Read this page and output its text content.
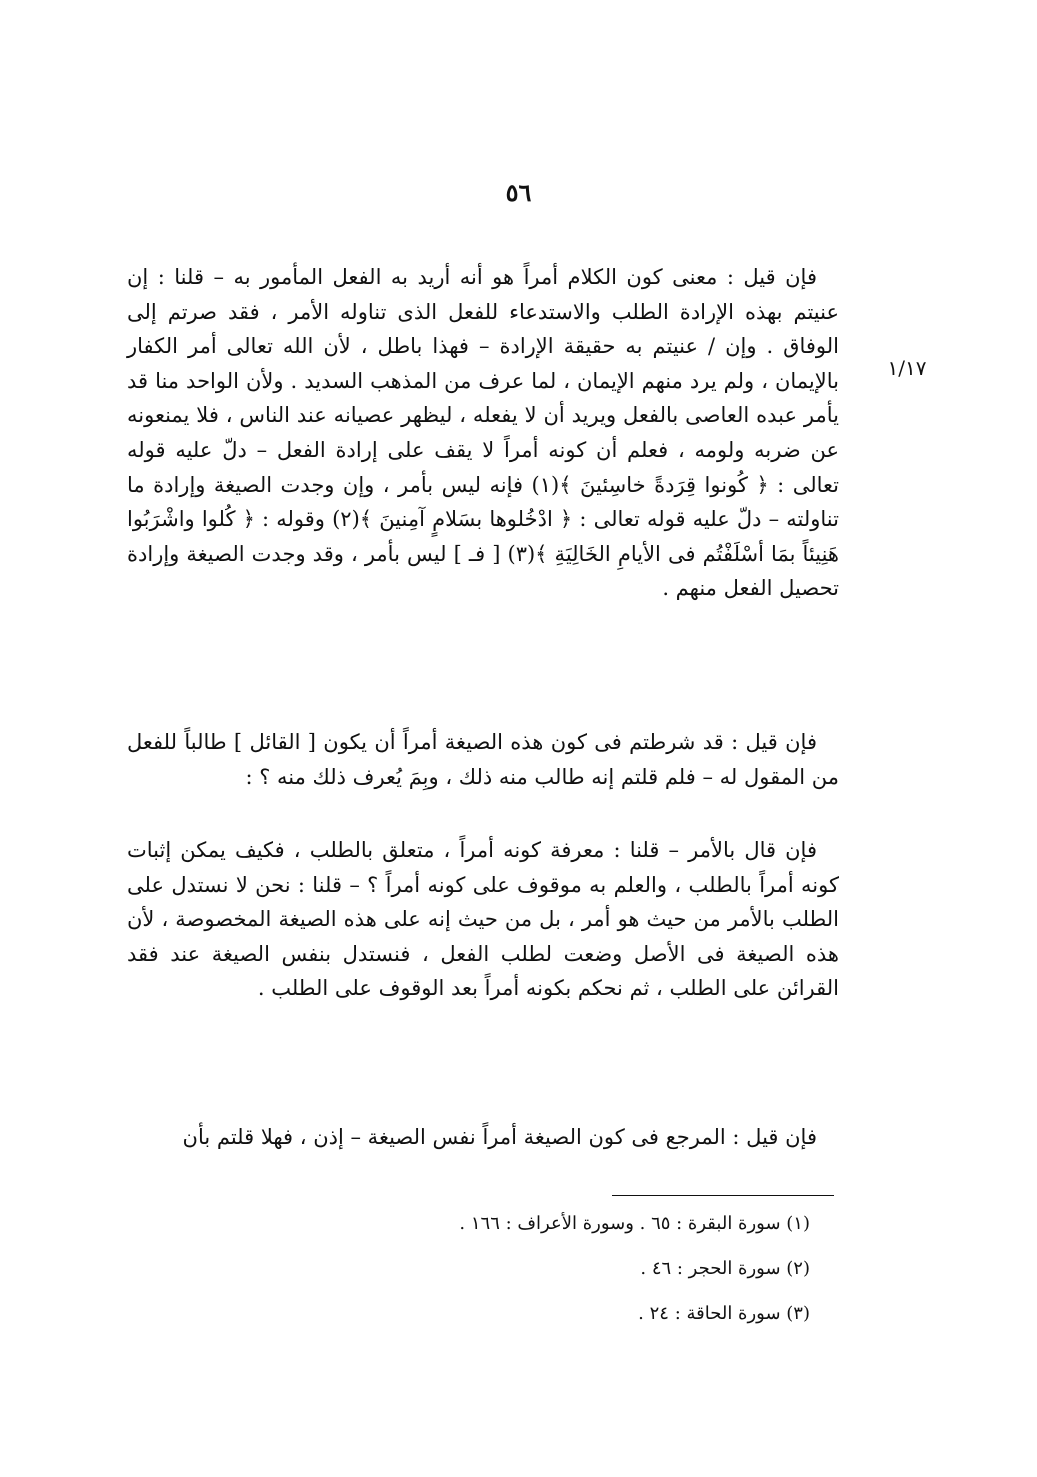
٥٦
١/١٧

فإن قيل : معنى كون الكلام أمراً هو أنه أريد به الفعل المأمور به – قلنا : إن عنيتم بهذه الإرادة الطلب والاستدعاء للفعل الذى تناوله الأمر ، فقد صرتم إلى الوفاق . وإن / عنيتم به حقيقة الإرادة – فهذا باطل ، لأن الله تعالى أمر الكفار بالإيمان ، ولم يرد منهم الإيمان ، لما عرف من المذهب السديد . ولأن الواحد منا قد يأمر عبده العاصى بالفعل ويريد أن لا يفعله ، ليظهر عصيانه عند الناس ، فلا يمنعونه عن ضربه ولومه ، فعلم أن كونه أمراً لا يقف على إرادة الفعل – دلّ عليه قوله تعالى : ﴿ كُونوا قِرَدةً خاسِئينَ ﴾(١) فإنه ليس بأمر ، وإن وجدت الصيغة وإرادة ما تناولته – دلّ عليه قوله تعالى : ﴿ ادْخُلوها بسَلامٍ آمِنينَ ﴾(٢) وقوله : ﴿ كُلوا واشْرَبُوا هَنِيئاً بمَا أسْلَفْتُم فى الأيامِ الخَالِيَةِ ﴾(٣) [ فـ ] ليس بأمر ، وقد وجدت الصيغة وإرادة تحصيل الفعل منهم .

فإن قيل : قد شرطتم فى كون هذه الصيغة أمراً أن يكون [ القائل ] طالباً للفعل من المقول له – فلم قلتم إنه طالب منه ذلك ، وبِمَ يُعرف ذلك منه ؟ :

فإن قال بالأمر – قلنا : معرفة كونه أمراً ، متعلق بالطلب ، فكيف يمكن إثبات كونه أمراً بالطلب ، والعلم به موقوف على كونه أمراً ؟ – قلنا : نحن لا نستدل على الطلب بالأمر من حيث هو أمر ، بل من حيث إنه على هذه الصيغة المخصوصة ، لأن هذه الصيغة فى الأصل وضعت لطلب الفعل ، فنستدل بنفس الصيغة عند فقد القرائن على الطلب ، ثم نحكم بكونه أمراً بعد الوقوف على الطلب .

فإن قيل : المرجع فى كون الصيغة أمراً نفس الصيغة – إذن ، فهلا قلتم بأن

(١) سورة البقرة : ٦٥ . وسورة الأعراف : ١٦٦ .

(٢) سورة الحجر : ٤٦ .

(٣) سورة الحاقة : ٢٤ .
